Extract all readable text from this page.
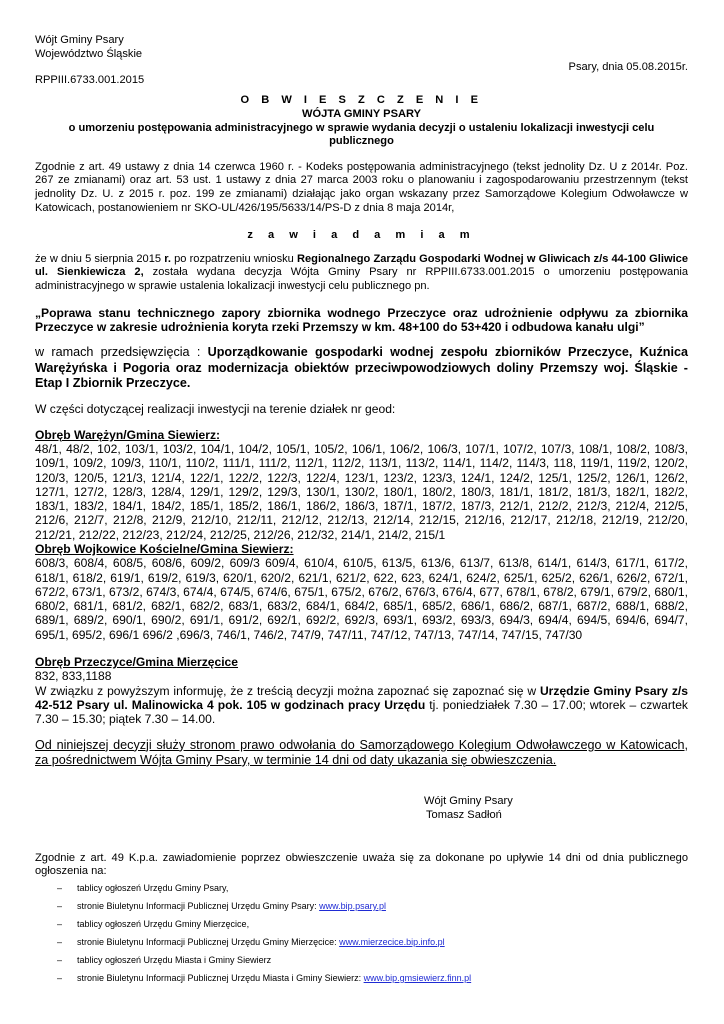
Wójt Gminy Psary

Województwo Śląskie

Psary, dnia 05.08.2015r.

RPPIII.6733.001.2015

O B W I E S Z C Z E N I E

WÓJTA GMINY PSARY

o umorzeniu postępowania administracyjnego w sprawie wydania decyzji o ustaleniu lokalizacji inwestycji celu publicznego

Zgodnie z art. 49 ustawy z dnia 14 czerwca 1960 r. - Kodeks postępowania administracyjnego (tekst jednolity Dz. U z 2014r. Poz. 267 ze zmianami) oraz art. 53 ust. 1 ustawy z dnia 27 marca 2003 roku o planowaniu i zagospodarowaniu przestrzennym (tekst jednolity Dz. U. z 2015 r. poz. 199 ze zmianami) działając jako organ wskazany przez Samorządowe Kolegium Odwoławcze w Katowicach, postanowieniem nr SKO-UL/426/195/5633/14/PS-D z dnia 8 maja 2014r,

z a w i a d a m i a m

że w dniu 5 sierpnia 2015 r. po rozpatrzeniu wniosku Regionalnego Zarządu Gospodarki Wodnej w Gliwicach z/s 44-100 Gliwice ul. Sienkiewicza 2, została wydana decyzja Wójta Gminy Psary nr RPPIII.6733.001.2015 o umorzeniu postępowania administracyjnego w sprawie ustalenia lokalizacji inwestycji celu publicznego pn.

„Poprawa stanu technicznego zapory zbiornika wodnego Przeczyce oraz udrożnienie odpływu za zbiornika Przeczyce w zakresie udrożnienia koryta rzeki Przemszy w km. 48+100 do 53+420 i odbudowa kanału ulgi”

w ramach przedsięwzięcia : Uporządkowanie gospodarki wodnej zespołu zbiorników Przeczyce, Kuźnica Warężyńska i Pogoria oraz modernizacja obiektów przeciwpowodziowych doliny Przemszy woj. Śląskie - Etap I Zbiornik Przeczyce.

W części dotyczącej realizacji inwestycji na terenie działek nr geod:

Obręb Warężyn/Gmina Siewierz:

48/1, 48/2, 102, 103/1, 103/2, 104/1, 104/2, 105/1, 105/2, 106/1, 106/2, 106/3, 107/1, 107/2, 107/3, 108/1, 108/2, 108/3, 109/1, 109/2, 109/3, 110/1, 110/2, 111/1, 111/2, 112/1, 112/2, 113/1, 113/2, 114/1, 114/2, 114/3, 118, 119/1, 119/2, 120/2, 120/3, 120/5, 121/3, 121/4, 122/1, 122/2, 122/3, 122/4, 123/1, 123/2, 123/3, 124/1, 124/2, 125/1, 125/2, 126/1, 126/2, 127/1, 127/2, 128/3, 128/4, 129/1, 129/2, 129/3, 130/1, 130/2, 180/1, 180/2, 180/3, 181/1, 181/2, 181/3, 182/1, 182/2, 183/1, 183/2, 184/1, 184/2, 185/1, 185/2, 186/1, 186/2, 186/3, 187/1, 187/2, 187/3, 212/1, 212/2, 212/3, 212/4, 212/5, 212/6, 212/7, 212/8, 212/9, 212/10, 212/11, 212/12, 212/13, 212/14, 212/15, 212/16, 212/17, 212/18, 212/19, 212/20, 212/21, 212/22, 212/23, 212/24, 212/25, 212/26, 212/32, 214/1, 214/2, 215/1

Obręb Wojkowice Kościelne/Gmina Siewierz:

608/3, 608/4, 608/5, 608/6, 609/2, 609/3 609/4, 610/4, 610/5, 613/5, 613/6, 613/7, 613/8, 614/1, 614/3, 617/1, 617/2, 618/1, 618/2, 619/1, 619/2, 619/3, 620/1, 620/2, 621/1, 621/2, 622, 623, 624/1, 624/2, 625/1, 625/2, 626/1, 626/2, 672/1, 672/2, 673/1, 673/2, 674/3, 674/4, 674/5, 674/6, 675/1, 675/2, 676/2, 676/3, 676/4, 677, 678/1, 678/2, 679/1, 679/2, 680/1, 680/2, 681/1, 681/2, 682/1, 682/2, 683/1, 683/2, 684/1, 684/2, 685/1, 685/2, 686/1, 686/2, 687/1, 687/2, 688/1, 688/2, 689/1, 689/2, 690/1, 690/2, 691/1, 691/2, 692/1, 692/2, 692/3, 693/1, 693/2, 693/3, 694/3, 694/4, 694/5, 694/6, 694/7, 695/1, 695/2, 696/1 696/2 ,696/3, 746/1, 746/2, 747/9, 747/11, 747/12, 747/13, 747/14, 747/15, 747/30

Obręb Przeczyce/Gmina Mierzęcice

832, 833,1188

W związku z powyższym informuję, że z treścią decyzji można zapoznać się zapoznać się w Urzędzie Gminy Psary z/s 42-512 Psary ul. Malinowicka 4 pok. 105 w godzinach pracy Urzędu tj. poniedziałek 7.30 – 17.00; wtorek – czwartek 7.30 – 15.30; piątek 7.30 – 14.00.

Od niniejszej decyzji służy stronom prawo odwołania do Samorządowego Kolegium Odwoławczego w Katowicach, za pośrednictwem Wójta Gminy Psary, w terminie 14 dni od daty ukazania się obwieszczenia.

Wójt Gminy Psary

Tomasz Sadłoń

Zgodnie z art. 49 K.p.a. zawiadomienie poprzez obwieszczenie uważa się za dokonane po upływie 14 dni od dnia publicznego ogłoszenia na:

– tablicy ogłoszeń Urzędu Gminy Psary,
– stronie Biuletynu Informacji Publicznej Urzędu Gminy Psary: www.bip.psary.pl
– tablicy ogłoszeń Urzędu Gminy Mierzęcice,
– stronie Biuletynu Informacji Publicznej Urzędu Gminy Mierzęcice: www.mierzecice.bip.info.pl
– tablicy ogłoszeń Urzędu Miasta i Gminy Siewierz
– stronie Biuletynu Informacji Publicznej Urzędu Miasta i Gminy Siewierz: www.bip.gmsiewierz.finn.pl
